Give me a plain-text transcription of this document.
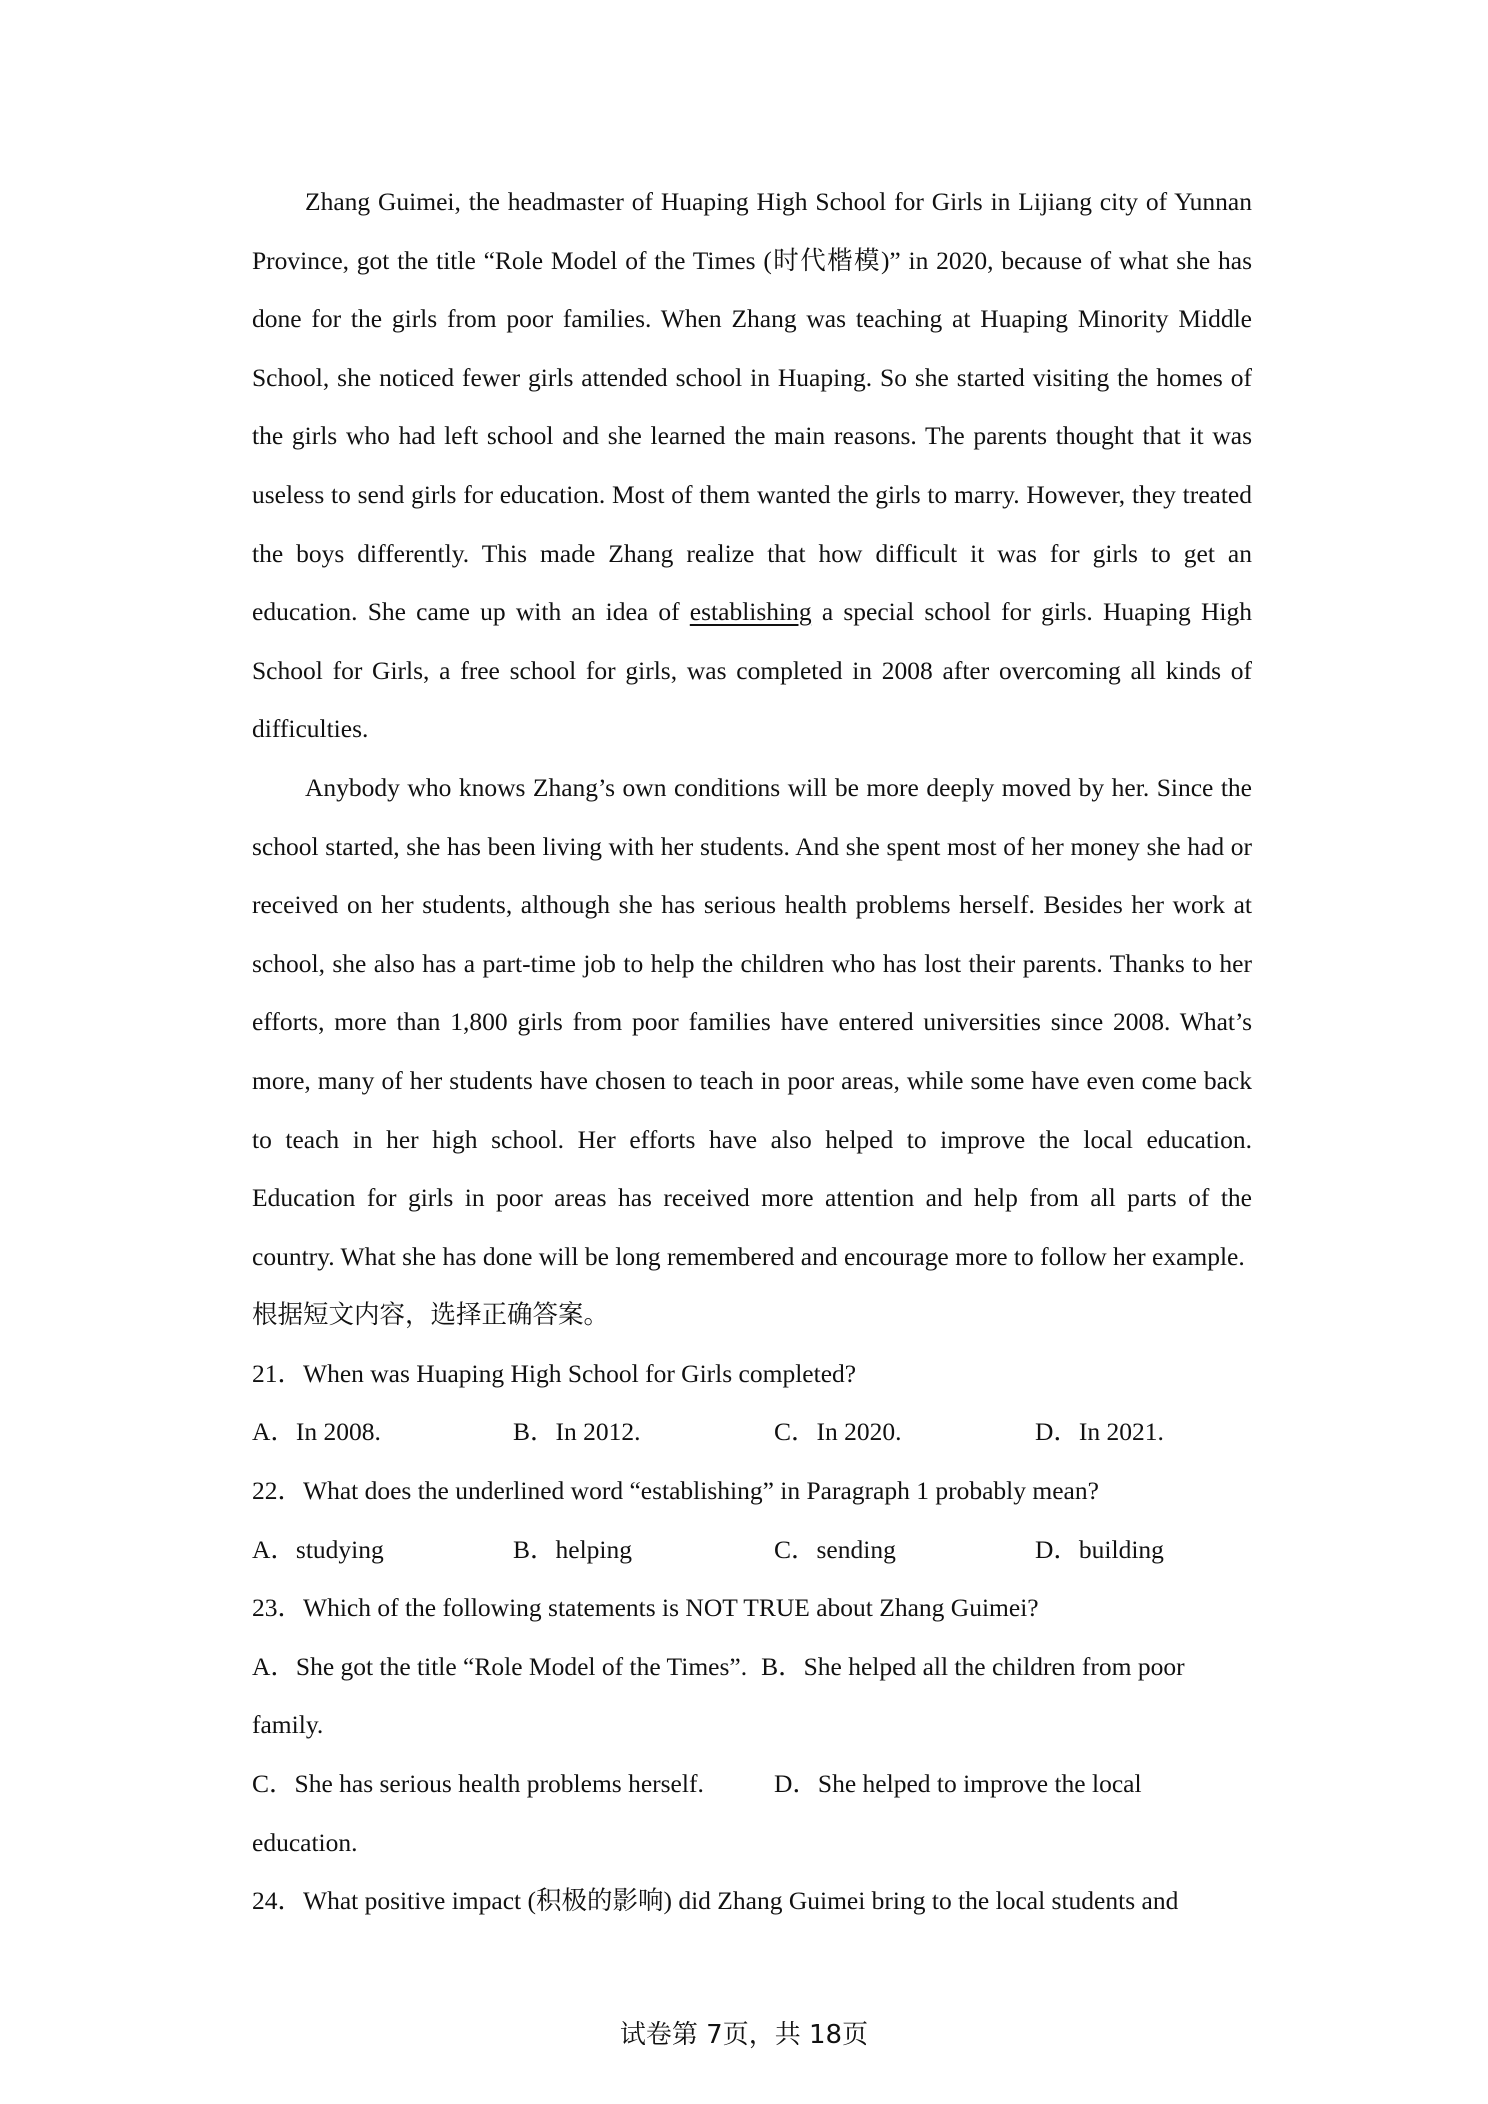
Zhang Guimei, the headmaster of Huaping High School for Girls in Lijiang city of Yunnan Province, got the title “Role Model of the Times (时代楷模)” in 2020, because of what she has done for the girls from poor families. When Zhang was teaching at Huaping Minority Middle School, she noticed fewer girls attended school in Huaping. So she started visiting the homes of the girls who had left school and she learned the main reasons. The parents thought that it was useless to send girls for education. Most of them wanted the girls to marry. However, they treated the boys differently. This made Zhang realize that how difficult it was for girls to get an education. She came up with an idea of establishing a special school for girls. Huaping High School for Girls, a free school for girls, was completed in 2008 after overcoming all kinds of difficulties.

Anybody who knows Zhang’s own conditions will be more deeply moved by her. Since the school started, she has been living with her students. And she spent most of her money she had or received on her students, although she has serious health problems herself. Besides her work at school, she also has a part-time job to help the children who has lost their parents. Thanks to her efforts, more than 1,800 girls from poor families have entered universities since 2008. What’s more, many of her students have chosen to teach in poor areas, while some have even come back to teach in her high school. Her efforts have also helped to improve the local education. Education for girls in poor areas has received more attention and help from all parts of the country. What she has done will be long remembered and encourage more to follow her example.

根据短文内容，选择正确答案。

21．When was Huaping High School for Girls completed?

A．In 2008.	B．In 2012.	C．In 2020.	D．In 2021.

22．What does the underlined word “establishing” in Paragraph 1 probably mean?

A．studying	B．helping	C．sending	D．building

23．Which of the following statements is NOT TRUE about Zhang Guimei?

A．She got the title “Role Model of the Times”. B．She helped all the children from poor

family.

C．She has serious health problems herself.	D．She helped to improve the local

education.

24．What positive impact (积极的影响) did Zhang Guimei bring to the local students and

试卷第 7页，共 18页
